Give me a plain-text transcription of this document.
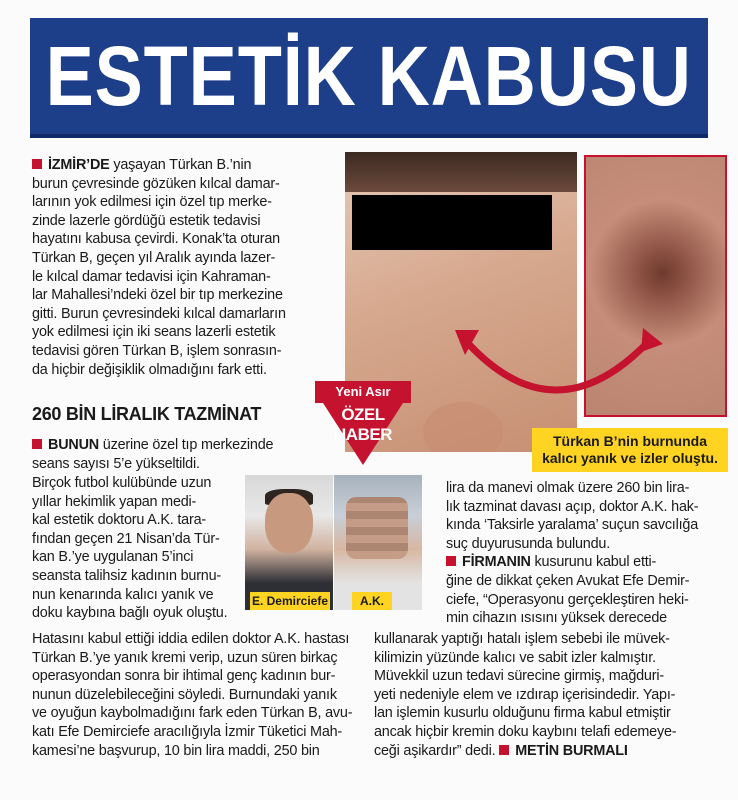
ESTETİK KABUSU
İZMİR’DE yaşayan Türkan B.’nin
burun çevresinde gözüken kılcal damar-
larının yok edilmesi için özel tıp merke-
zinde lazerle gördüğü estetik tedavisi
hayatını kabusa çevirdi. Konak’ta oturan
Türkan B, geçen yıl Aralık ayında lazer-
le kılcal damar tedavisi için Kahraman-
lar Mahallesi’ndeki özel bir tıp merkezine
gitti. Burun çevresindeki kılcal damarların
yok edilmesi için iki seans lazerli estetik
tedavisi gören Türkan B, işlem sonrasın-
da hiçbir değişiklik olmadığını fark etti.
Türkan B’nin burnunda
kalıcı yanık ve izler oluştu.
260 BİN LİRALIK TAZMİNAT
Yeni Asır
ÖZEL
HABER
BUNUN üzerine özel tıp merkezinde
seans sayısı 5’e yükseltildi.
Birçok futbol kulübünde uzun
yıllar hekimlik yapan medi-
kal estetik doktoru A.K. tara-
fından geçen 21 Nisan’da Tür-
kan B.’ye uygulanan 5’inci
seansta talihsiz kadının burnu-
nun kenarında kalıcı yanık ve
doku kaybına bağlı oyuk oluştu.
E. Demirciefe	A.K.
Hatasını kabul ettiği iddia edilen doktor A.K. hastası
Türkan B.’ye yanık kremi verip, uzun süren birkaç
operasyondan sonra bir ihtimal genç kadının bur-
nunun düzelebileceğini söyledi. Burnundaki yanık
ve oyuğun kaybolmadığını fark eden Türkan B, avu-
katı Efe Demirciefe aracılığıyla İzmir Tüketici Mah-
kamesi’ne başvurup, 10 bin lira maddi, 250 bin
lira da manevi olmak üzere 260 bin lira-
lık tazminat davası açıp, doktor A.K. hak-
kında ‘Taksirle yaralama’ suçun savcılığa
suç duyurusunda bulundu.
FİRMANIN kusurunu kabul etti-
ğine de dikkat çeken Avukat Efe Demir-
ciefe, “Operasyonu gerçekleştiren heki-
min cihazın ısısını yüksek derecede
kullanarak yaptığı hatalı işlem sebebi ile müvek-
kilimizin yüzünde kalıcı ve sabit izler kalmıştır.
Müvekkil uzun tedavi sürecine girmiş, mağduri-
yeti nedeniyle elem ve ızdırap içerisindedir. Yapı-
lan işlemin kusurlu olduğunu firma kabul etmiştir
ancak hiçbir kremin doku kaybını telafi edemeye-
ceği aşikardır” dedi. METİN BURMALI
